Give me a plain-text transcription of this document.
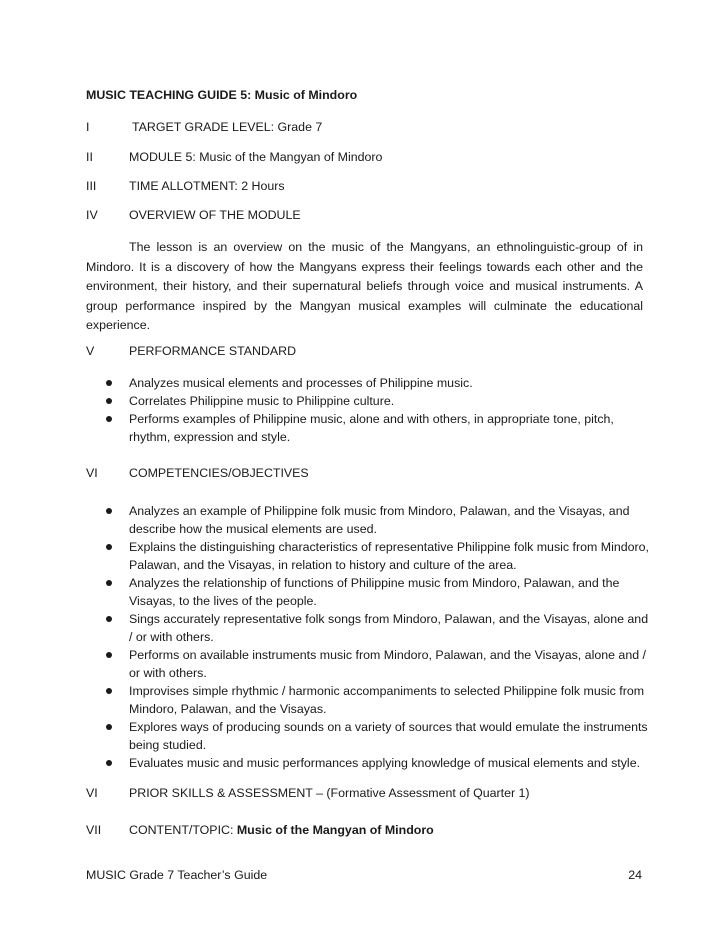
MUSIC TEACHING GUIDE 5: Music of Mindoro
I	TARGET GRADE LEVEL: Grade 7
II	MODULE 5: Music of the Mangyan of Mindoro
III	TIME ALLOTMENT: 2 Hours
IV	OVERVIEW OF THE MODULE
The lesson is an overview on the music of the Mangyans, an ethnolinguistic-group of in Mindoro. It is a discovery of how the Mangyans express their feelings towards each other and the environment, their history, and their supernatural beliefs through voice and musical instruments. A group performance inspired by the Mangyan musical examples will culminate the educational experience.
V	PERFORMANCE STANDARD
Analyzes musical elements and processes of Philippine music.
Correlates Philippine music to Philippine culture.
Performs examples of Philippine music, alone and with others, in appropriate tone, pitch, rhythm, expression and style.
VI	COMPETENCIES/OBJECTIVES
Analyzes an example of Philippine folk music from Mindoro, Palawan, and the Visayas, and describe how the musical elements are used.
Explains the distinguishing characteristics of representative Philippine folk music from Mindoro, Palawan, and the Visayas, in relation to history and culture of the area.
Analyzes the relationship of functions of Philippine music from Mindoro, Palawan, and the Visayas, to the lives of the people.
Sings accurately representative folk songs from Mindoro, Palawan, and the Visayas, alone and / or with others.
Performs on available instruments music from Mindoro, Palawan, and the Visayas, alone and / or with others.
Improvises simple rhythmic / harmonic accompaniments to selected Philippine folk music from Mindoro, Palawan, and the Visayas.
Explores ways of producing sounds on a variety of sources that would emulate the instruments being studied.
Evaluates music and music performances applying knowledge of musical elements and style.
VI	PRIOR SKILLS & ASSESSMENT – (Formative Assessment of Quarter 1)
VII CONTENT/TOPIC: Music of the Mangyan of Mindoro
MUSIC Grade 7 Teacher’s Guide	24
